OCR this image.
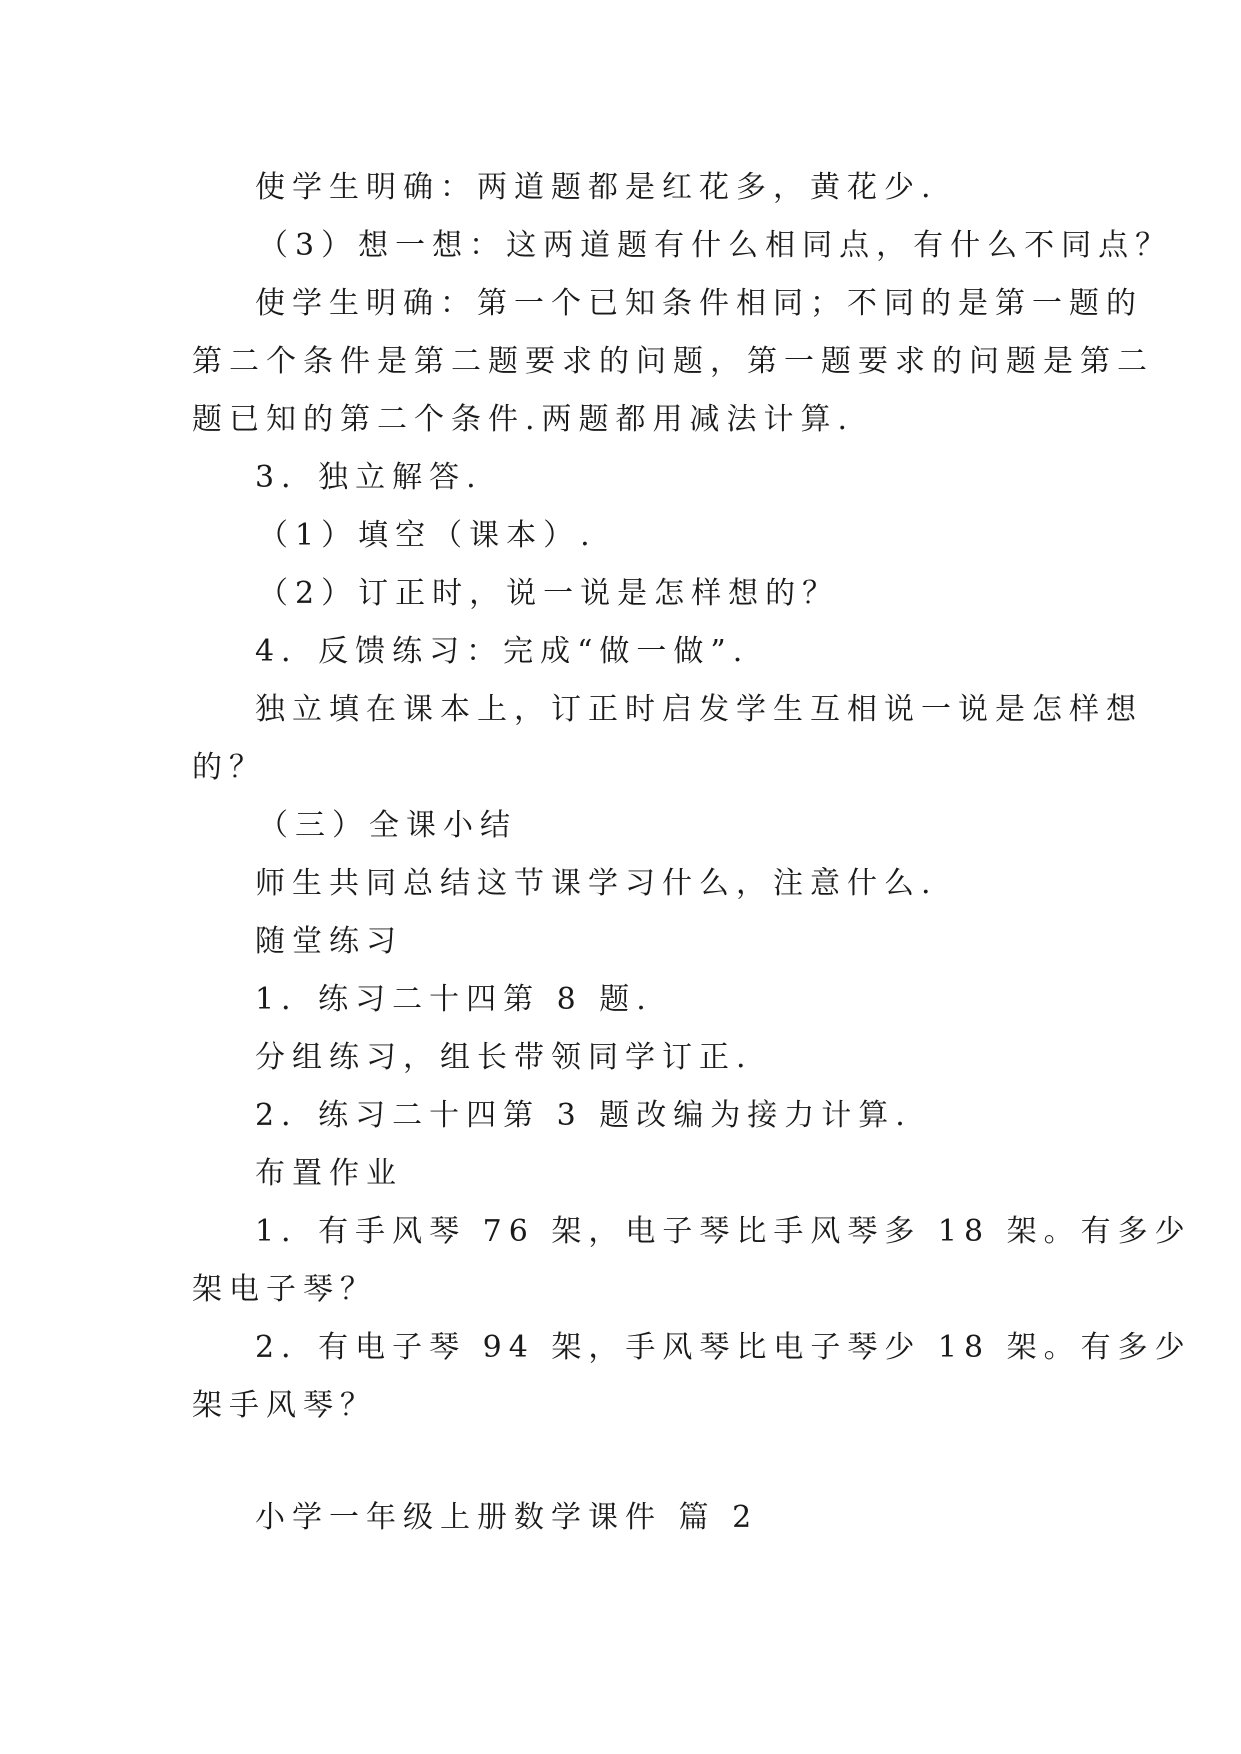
使学生明确：两道题都是红花多，黄花少.
（3）想一想：这两道题有什么相同点，有什么不同点？
使学生明确：第一个已知条件相同；不同的是第一题的
第二个条件是第二题要求的问题，第一题要求的问题是第二
题已知的第二个条件.两题都用减法计算.
3．独立解答.
（1）填空（课本）.
（2）订正时，说一说是怎样想的？
4．反馈练习：完成“做一做”.
独立填在课本上，订正时启发学生互相说一说是怎样想
的？
（三）全课小结
师生共同总结这节课学习什么，注意什么.
随堂练习
1．练习二十四第 8 题.
分组练习，组长带领同学订正.
2．练习二十四第 3 题改编为接力计算.
布置作业
1．有手风琴 76 架，电子琴比手风琴多 18 架。有多少
架电子琴？
2．有电子琴 94 架，手风琴比电子琴少 18 架。有多少
架手风琴？
小学一年级上册数学课件 篇 2
